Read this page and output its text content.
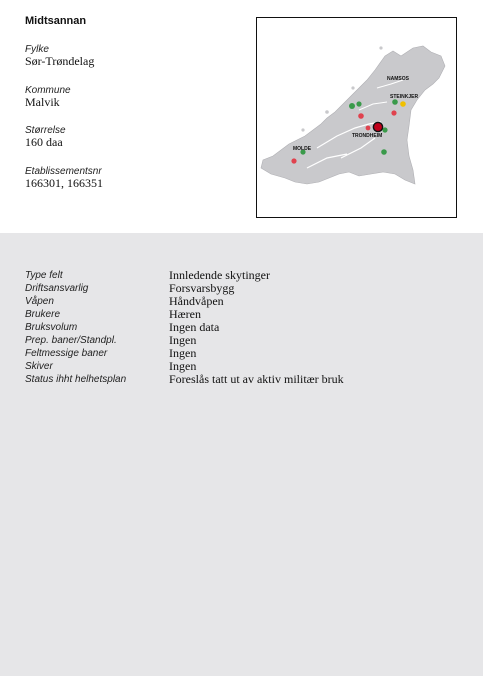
Midtsannan
Fylke
Sør-Trøndelag
Kommune
Malvik
Størrelse
160 daa
Etablissementsnr
166301, 166351
NAMSOS
STEINKJER
TRONDHEIM
MOLDE
Type felt	Innledende skytinger
Driftsansvarlig	Forsvarsbygg
Våpen	Håndvåpen
Brukere	Hæren
Bruksvolum	Ingen data
Prep. baner/Standpl.	Ingen
Feltmessige baner	Ingen
Skiver	Ingen
Status ihht helhetsplan	Foreslås tatt ut av aktiv militær bruk
